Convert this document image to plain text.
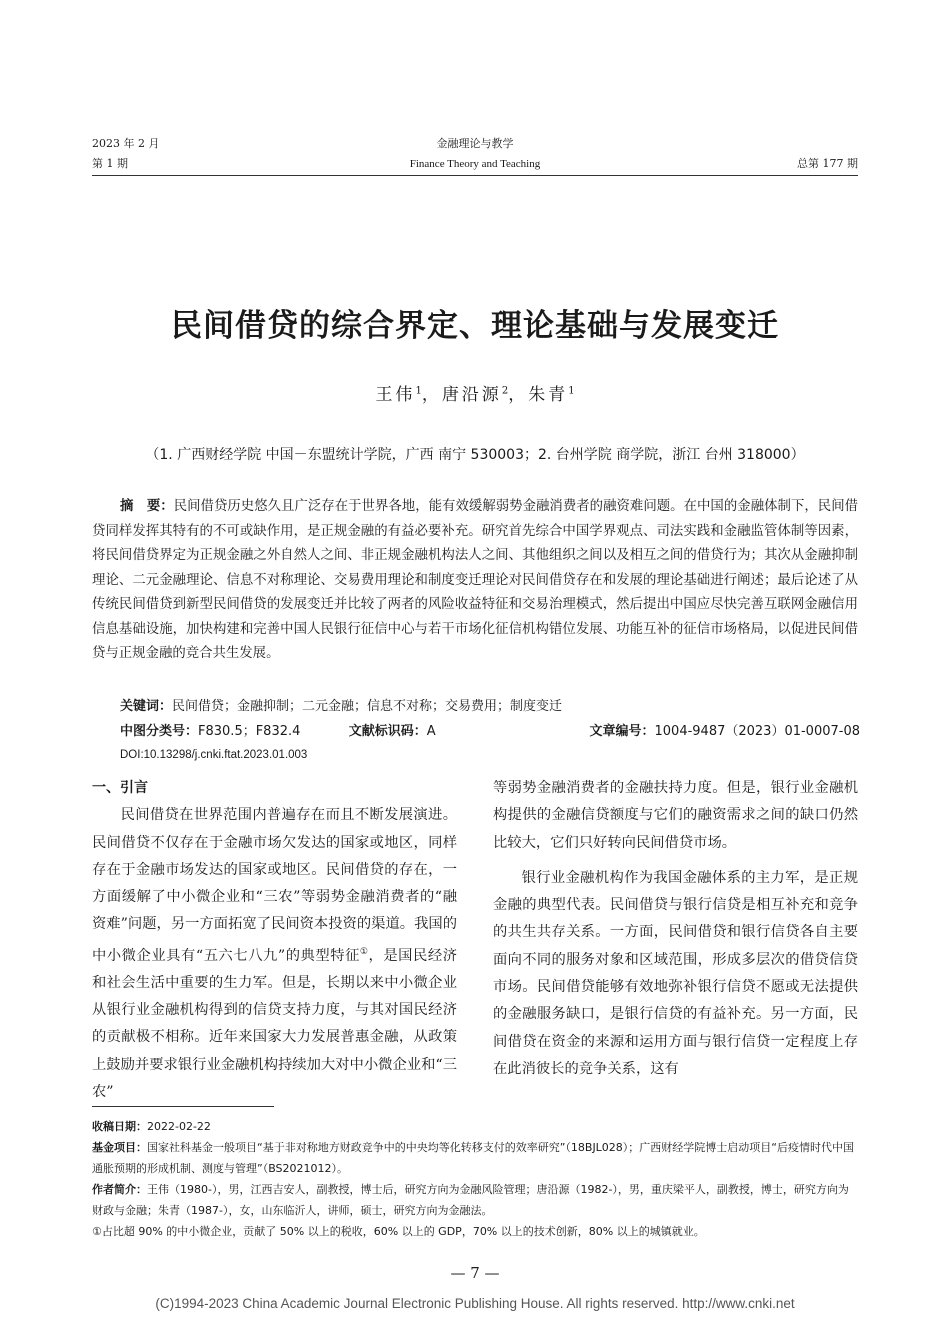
2023 年 2 月
第 1 期
金融理论与教学
Finance Theory and Teaching	总第 177 期
民间借贷的综合界定、理论基础与发展变迁
王伟$^1$，唐沿源$^2$，朱青$^1$
（1. 广西财经学院 中国－东盟统计学院，广西 南宁 530003；2. 台州学院 商学院，浙江 台州 318000）
摘　要：民间借贷历史悠久且广泛存在于世界各地，能有效缓解弱势金融消费者的融资难问题。在中国的金融体制下，民间借贷同样发挥其特有的不可或缺作用，是正规金融的有益必要补充。研究首先综合中国学界观点、司法实践和金融监管体制等因素，将民间借贷界定为正规金融之外自然人之间、非正规金融机构法人之间、其他组织之间以及相互之间的借贷行为；其次从金融抑制理论、二元金融理论、信息不对称理论、交易费用理论和制度变迁理论对民间借贷存在和发展的理论基础进行阐述；最后论述了从传统民间借贷到新型民间借贷的发展变迁并比较了两者的风险收益特征和交易治理模式，然后提出中国应尽快完善互联网金融信用信息基础设施，加快构建和完善中国人民银行征信中心与若干市场化征信机构错位发展、功能互补的征信市场格局，以促进民间借贷与正规金融的竞合共生发展。
关键词：民间借贷；金融抑制；二元金融；信息不对称；交易费用；制度变迁
中图分类号：F830.5；F832.4	文献标识码：A	文章编号：1004-9487（2023）01-0007-08
DOI:10.13298/j.cnki.ftat.2023.01.003

一、引言

民间借贷在世界范围内普遍存在而且不断发展演进。民间借贷不仅存在于金融市场欠发达的国家或地区，同样存在于金融市场发达的国家或地区。民间借贷的存在，一方面缓解了中小微企业和“三农”等弱势金融消费者的“融资难”问题，另一方面拓宽了民间资本投资的渠道。我国的中小微企业具有“五六七八九”的典型特征①，是国民经济和社会生活中重要的生力军。但是，长期以来中小微企业从银行业金融机构得到的信贷支持力度，与其对国民经济的贡献极不相称。近年来国家大力发展普惠金融，从政策上鼓励并要求银行业金融机构持续加大对中小微企业和“三农”

等弱势金融消费者的金融扶持力度。但是，银行业金融机构提供的金融信贷额度与它们的融资需求之间的缺口仍然比较大，它们只好转向民间借贷市场。

银行业金融机构作为我国金融体系的主力军，是正规金融的典型代表。民间借贷与银行信贷是相互补充和竞争的共生共存关系。一方面，民间借贷和银行信贷各自主要面向不同的服务对象和区域范围，形成多层次的借贷信贷市场。民间借贷能够有效地弥补银行信贷不愿或无法提供的金融服务缺口，是银行信贷的有益补充。另一方面，民间借贷在资金的来源和运用方面与银行信贷一定程度上存在此消彼长的竞争关系，这有

收稿日期：2022-02-22

基金项目：国家社科基金一般项目“基于非对称地方财政竞争中的中央均等化转移支付的效率研究”（18BJL028）；广西财经学院博士启动项目“后疫情时代中国通胀预期的形成机制、测度与管理”（BS2021012）。

作者简介：王伟（1980-），男，江西吉安人，副教授，博士后，研究方向为金融风险管理；唐沿源（1982-），男，重庆梁平人，副教授，博士，研究方向为财政与金融；朱青（1987-），女，山东临沂人，讲师，硕士，研究方向为金融法。

①占比超 90% 的中小微企业，贡献了 50% 以上的税收，60% 以上的 GDP，70% 以上的技术创新，80% 以上的城镇就业。

— 7 —
(C)1994-2023 China Academic Journal Electronic Publishing House. All rights reserved. http://www.cnki.net
